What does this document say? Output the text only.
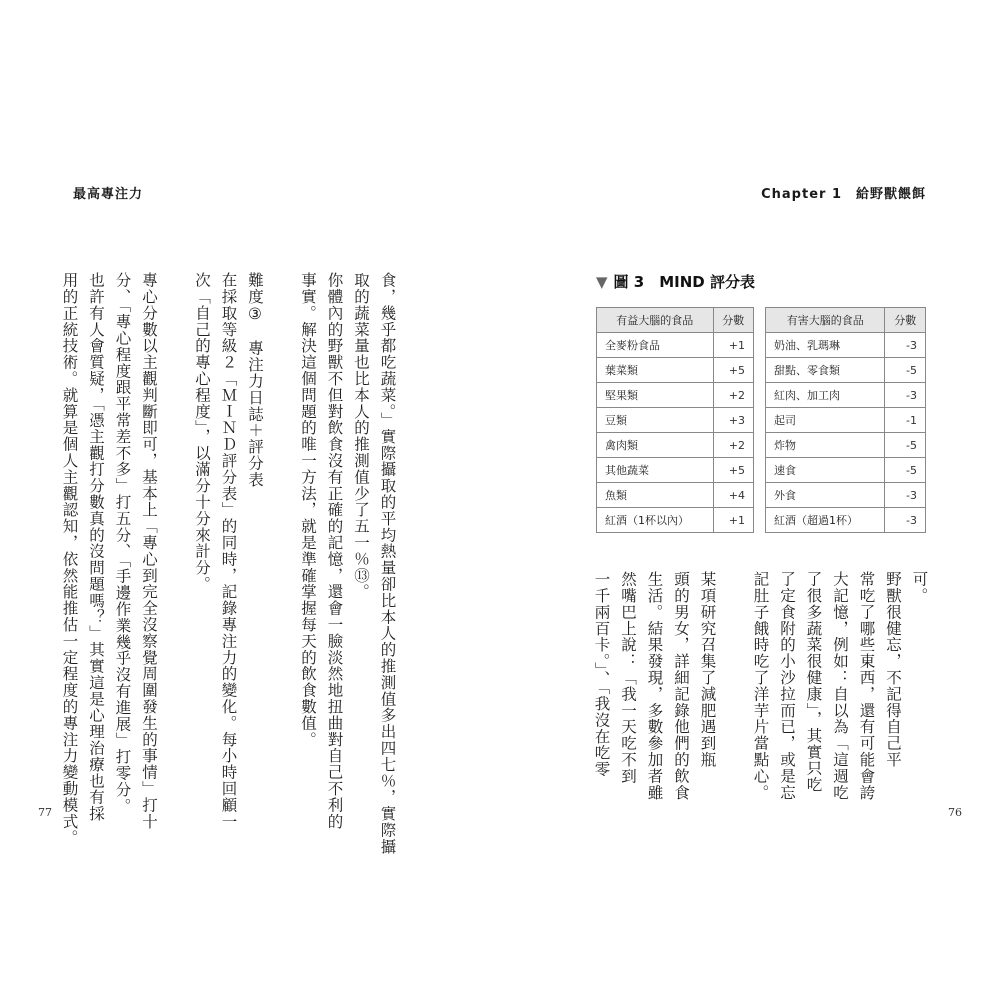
最高專注力

食，幾乎都吃蔬菜。」實際攝取的平均熱量卻比本人的推測值多出四七％，實際攝

取的蔬菜量也比本人的推測值少了五一％⑬。

你體內的野獸不但對飲食沒有正確的記憶，還會一臉淡然地扭曲對自己不利的

事實。解決這個問題的唯一方法，就是準確掌握每天的飲食數值。

難度③　專注力日誌＋評分表

在採取等級２「ＭＩＮＤ評分表」的同時，記錄專注力的變化。每小時回顧一

次「自己的專心程度」，以滿分十分來計分。

專心分數以主觀判斷即可，基本上「專心到完全沒察覺周圍發生的事情」打十

分、「專心程度跟平常差不多」打五分、「手邊作業幾乎沒有進展」打零分。

也許有人會質疑，「憑主觀打分數真的沒問題嗎？」其實這是心理治療也有採

用的正統技術。就算是個人主觀認知，依然能推估一定程度的專注力變動模式。

77
Chapter 1　給野獸餵餌
▼ 圖 3　MIND 評分表
有益大腦的食品	分數
全麥粉食品	+1
葉菜類	+5
堅果類	+2
豆類	+3
禽肉類	+2
其他蔬菜	+5
魚類	+4
紅酒（1杯以內）	+1
有害大腦的食品	分數
奶油、乳瑪琳	-3
甜點、零食類	-5
紅肉、加工肉	-3
起司	-1
炸物	-5
速食	-5
外食	-3
紅酒（超過1杯）	-3

可。

野獸很健忘，不記得自己平

常吃了哪些東西，還有可能會誇

大記憶，例如：自以為「這週吃

了很多蔬菜很健康」，其實只吃

了定食附的小沙拉而已，或是忘

記肚子餓時吃了洋芋片當點心。

某項研究召集了減肥遇到瓶

頭的男女，詳細記錄他們的飲食

生活。結果發現，多數參加者雖

然嘴巴上說：「我一天吃不到

一千兩百卡。」、「我沒在吃零

76
